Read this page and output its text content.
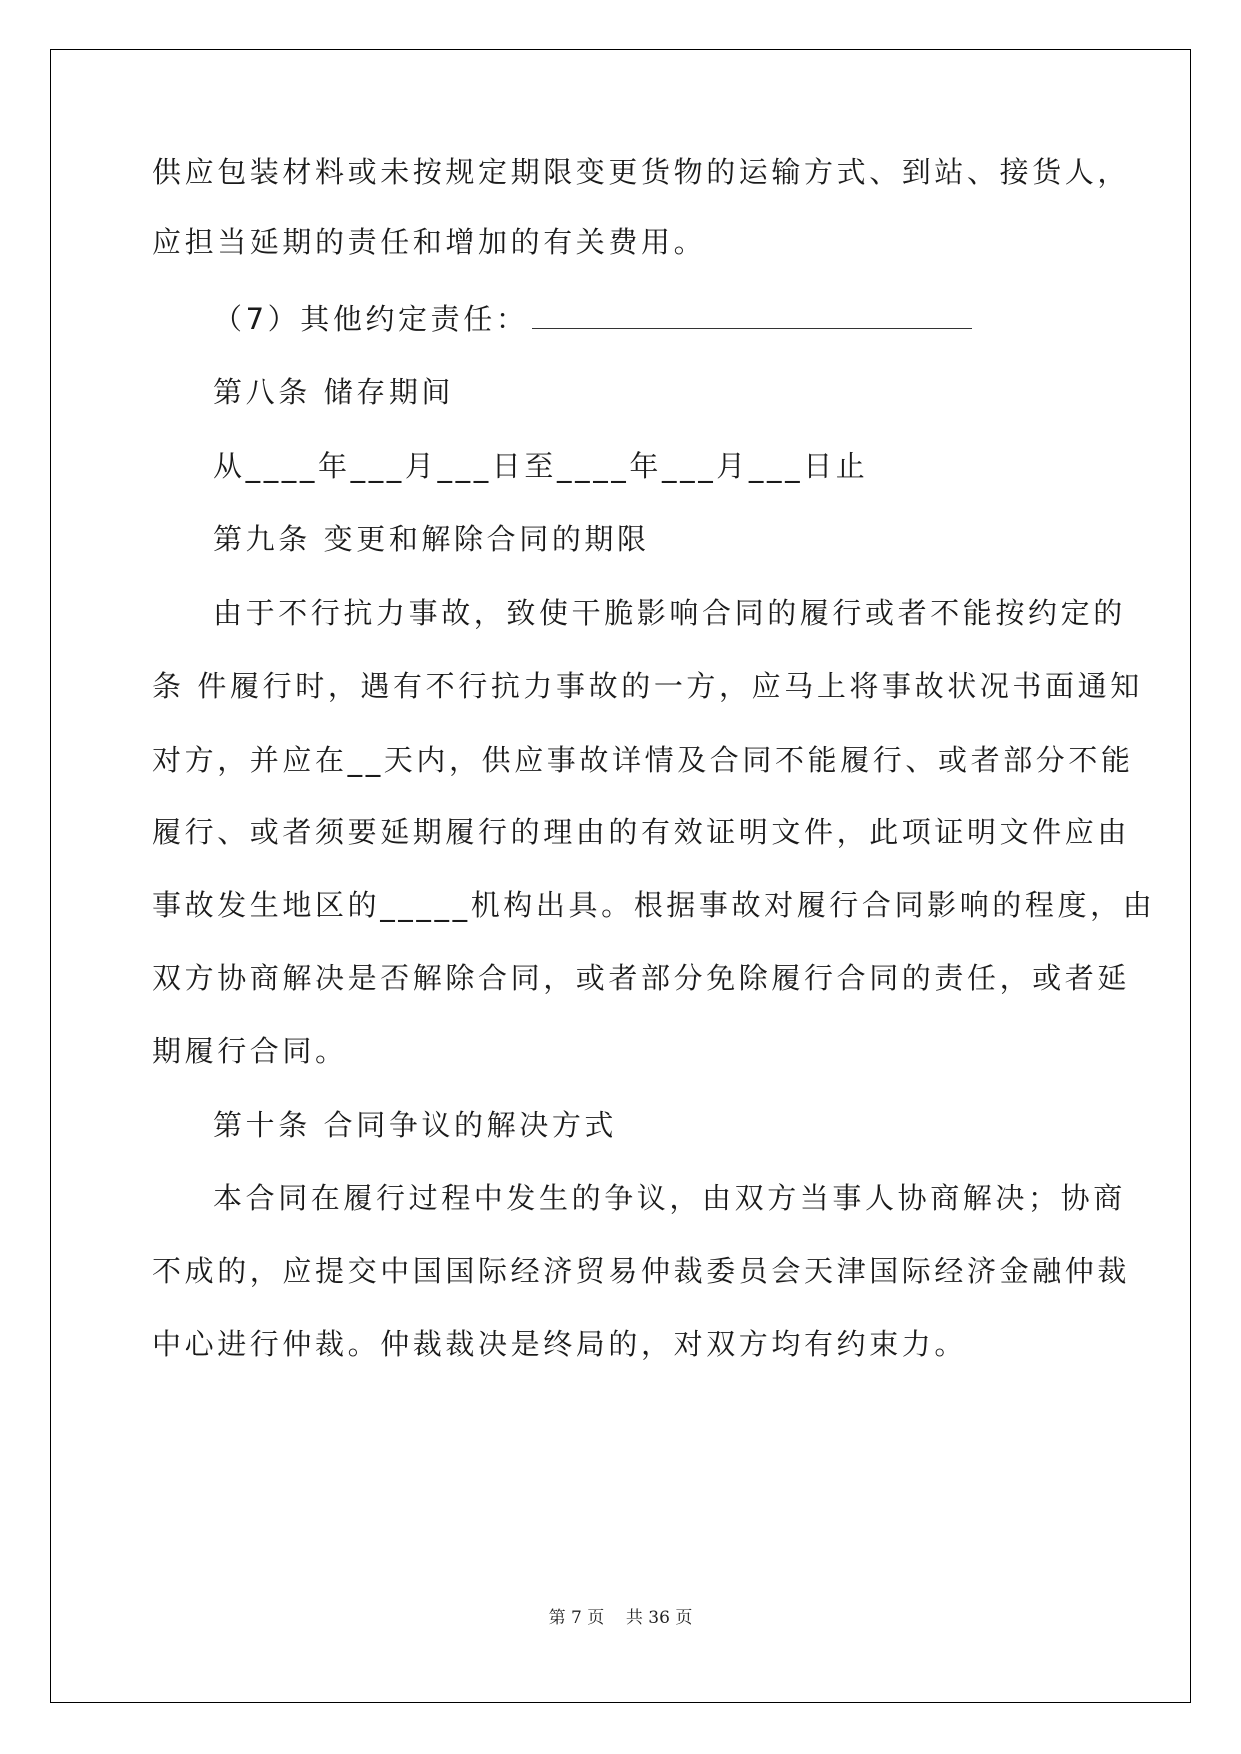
供应包装材料或未按规定期限变更货物的运输方式、到站、接货人，

应担当延期的责任和增加的有关费用。

（7）其他约定责任：

第八条 储存期间

从____年___月___日至____年___月___日止

第九条 变更和解除合同的期限

由于不行抗力事故，致使干脆影响合同的履行或者不能按约定的

条 件履行时，遇有不行抗力事故的一方，应马上将事故状况书面通知

对方，并应在__天内，供应事故详情及合同不能履行、或者部分不能

履行、或者须要延期履行的理由的有效证明文件，此项证明文件应由

事故发生地区的_____机构出具。根据事故对履行合同影响的程度，由

双方协商解决是否解除合同，或者部分免除履行合同的责任，或者延

期履行合同。

第十条 合同争议的解决方式

本合同在履行过程中发生的争议，由双方当事人协商解决；协商

不成的，应提交中国国际经济贸易仲裁委员会天津国际经济金融仲裁

中心进行仲裁。仲裁裁决是终局的，对双方均有约束力。

第 7 页 共 36 页
